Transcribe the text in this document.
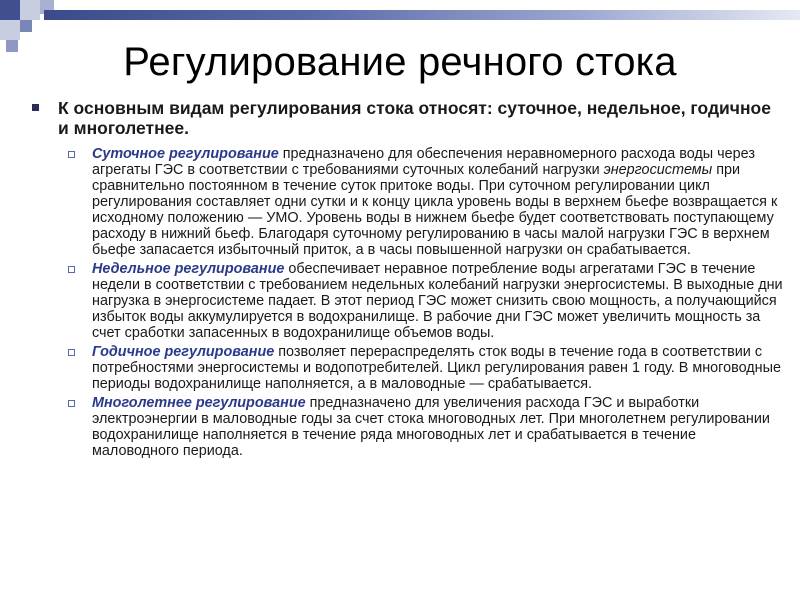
Регулирование речного стока
К основным видам регулирования стока относят: суточное, недельное, годичное и многолетнее.
Суточное регулирование предназначено для обеспечения неравномерного расхода воды через агрегаты ГЭС в соответствии с требованиями суточных колебаний нагрузки энергосистемы при сравнительно постоянном в течение суток притоке воды. При суточном регулировании цикл регулирования составляет одни сутки и к концу цикла уровень воды в верхнем бьефе возвращается к исходному положению — УМО. Уровень воды в нижнем бьефе будет соответствовать поступающему расходу в нижний бьеф. Благодаря суточному регулированию в часы малой нагрузки ГЭС в верхнем бьефе запасается избыточный приток, а в часы повышенной нагрузки он срабатывается.
Недельное регулирование обеспечивает неравное потребление воды агрегатами ГЭС в течение недели в соответствии с требованием недельных колебаний нагрузки энергосистемы. В выходные дни нагрузка в энергосистеме падает. В этот период ГЭС может снизить свою мощность, а получающийся избыток воды аккумулируется в водохранилище. В рабочие дни ГЭС может увеличить мощность за счет сработки запасенных в водохранилище объемов воды.
Годичное регулирование позволяет перераспределять сток воды в течение года в соответствии с потребностями энергосистемы и водопотребителей. Цикл регулирования равен 1 году. В многоводные периоды водохранилище наполняется, а в маловодные — срабатывается.
Многолетнее регулирование предназначено для увеличения расхода ГЭС и выработки электроэнергии в маловодные годы за счет стока многоводных лет. При многолетнем регулировании водохранилище наполняется в течение ряда многоводных лет и срабатывается в течение маловодного периода.
